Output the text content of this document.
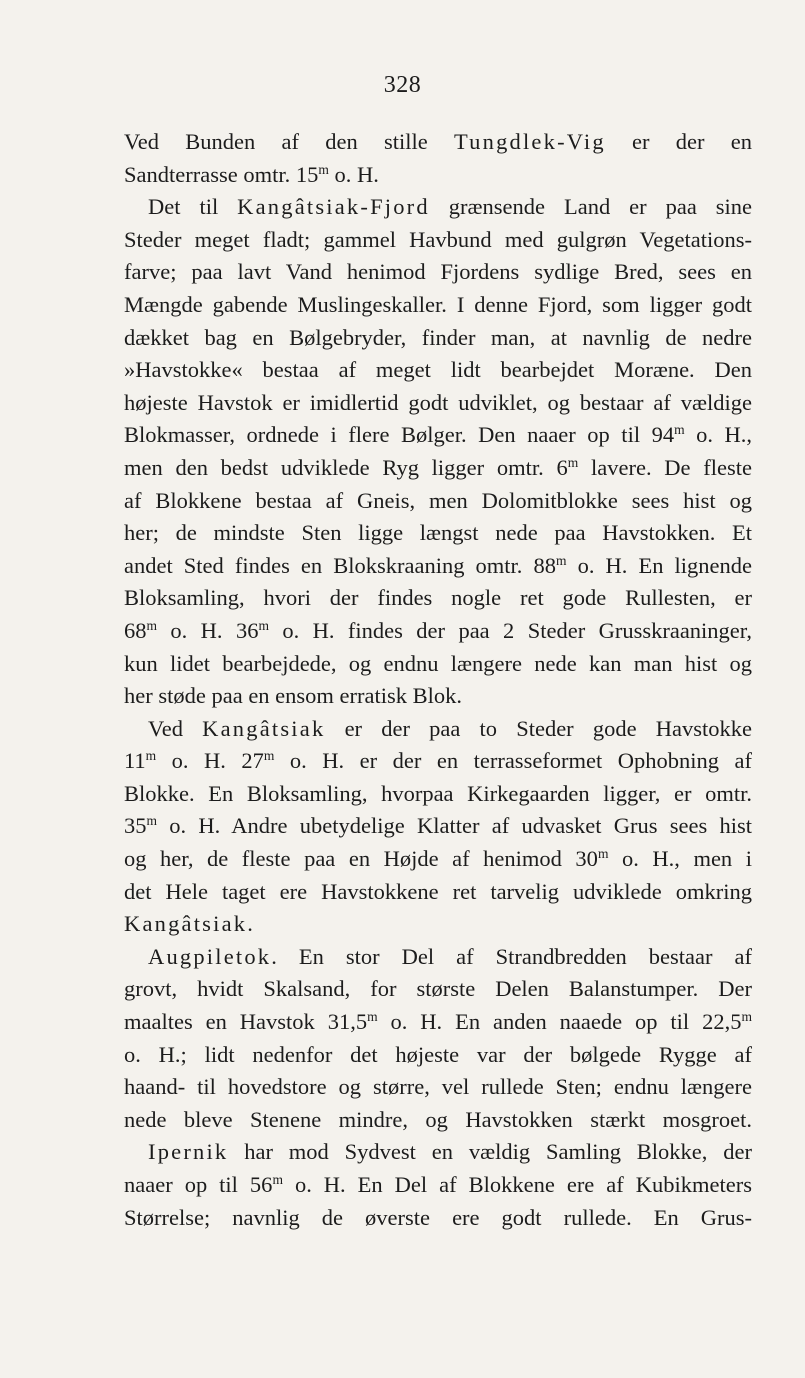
328
Ved Bunden af den stille Tungdlek-Vig er der en
Sandterrasse omtr. 15$^m$ o. H.
Det til Kangâtsiak-Fjord grænsende Land er paa sine
Steder meget fladt; gammel Havbund med gulgrøn Vegetations-
farve; paa lavt Vand henimod Fjordens sydlige Bred, sees en
Mængde gabende Muslingeskaller. I denne Fjord, som ligger godt
dækket bag en Bølgebryder, finder man, at navnlig de nedre
»Havstokke« bestaa af meget lidt bearbejdet Moræne. Den
højeste Havstok er imidlertid godt udviklet, og bestaar af vældige
Blokmasser, ordnede i flere Bølger. Den naaer op til 94$^m$ o. H.,
men den bedst udviklede Ryg ligger omtr. 6$^m$ lavere. De fleste
af Blokkene bestaa af Gneis, men Dolomitblokke sees hist og
her; de mindste Sten ligge længst nede paa Havstokken. Et
andet Sted findes en Blokskraaning omtr. 88$^m$ o. H. En lignende
Bloksamling, hvori der findes nogle ret gode Rullesten, er
68$^m$ o. H. 36$^m$ o. H. findes der paa 2 Steder Grusskraaninger,
kun lidet bearbejdede, og endnu længere nede kan man hist og
her støde paa en ensom erratisk Blok.
Ved Kangâtsiak er der paa to Steder gode Havstokke
11$^m$ o. H. 27$^m$ o. H. er der en terrasseformet Ophobning af
Blokke. En Bloksamling, hvorpaa Kirkegaarden ligger, er omtr.
35$^m$ o. H. Andre ubetydelige Klatter af udvasket Grus sees hist
og her, de fleste paa en Højde af henimod 30$^m$ o. H., men i
det Hele taget ere Havstokkene ret tarvelig udviklede omkring
Kangâtsiak.
Augpiletok. En stor Del af Strandbredden bestaar af
grovt, hvidt Skalsand, for største Delen Balanstumper. Der
maaltes en Havstok 31,5$^m$ o. H. En anden naaede op til 22,5$^m$
o. H.; lidt nedenfor det højeste var der bølgede Rygge af
haand- til hovedstore og større, vel rullede Sten; endnu længere
nede bleve Stenene mindre, og Havstokken stærkt mosgroet.
Ipernik har mod Sydvest en vældig Samling Blokke, der
naaer op til 56$^m$ o. H. En Del af Blokkene ere af Kubikmeters
Størrelse; navnlig de øverste ere godt rullede. En Grus-
